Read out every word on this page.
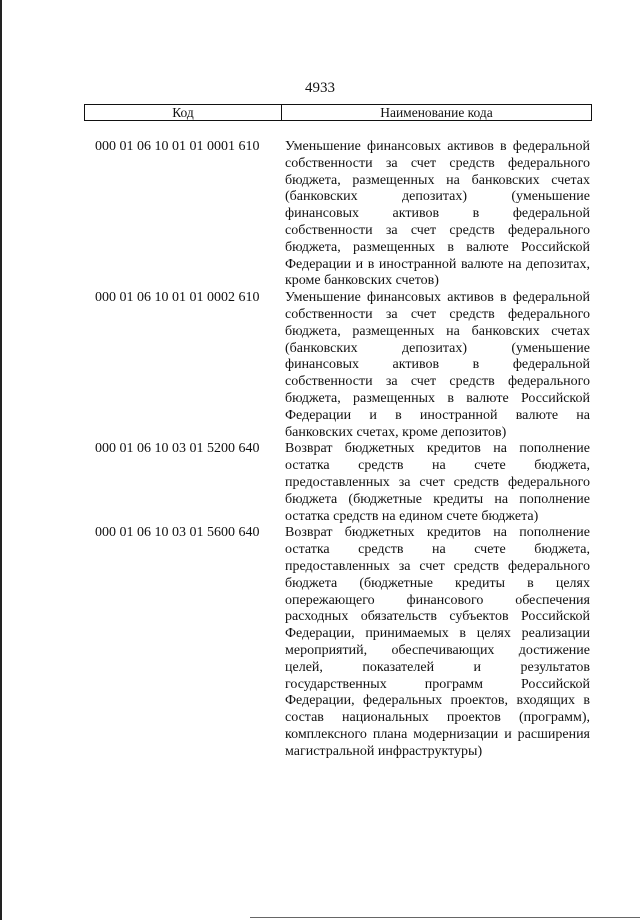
4933
Код	Наименование кода
000 01 06 10 01 01 0001 610	Уменьшение финансовых активов в федеральной
собственности за счет средств федерального
бюджета, размещенных на банковских счетах
(банковских депозитах) (уменьшение
финансовых активов в федеральной
собственности за счет средств федерального
бюджета, размещенных в валюте Российской
Федерации и в иностранной валюте на депозитах,
кроме банковских счетов)
000 01 06 10 01 01 0002 610	Уменьшение финансовых активов в федеральной
собственности за счет средств федерального
бюджета, размещенных на банковских счетах
(банковских депозитах) (уменьшение
финансовых активов в федеральной
собственности за счет средств федерального
бюджета, размещенных в валюте Российской
Федерации и в иностранной валюте на
банковских счетах, кроме депозитов)
000 01 06 10 03 01 5200 640	Возврат бюджетных кредитов на пополнение
остатка средств на счете бюджета,
предоставленных за счет средств федерального
бюджета (бюджетные кредиты на пополнение
остатка средств на едином счете бюджета)
000 01 06 10 03 01 5600 640	Возврат бюджетных кредитов на пополнение
остатка средств на счете бюджета,
предоставленных за счет средств федерального
бюджета (бюджетные кредиты в целях
опережающего финансового обеспечения
расходных обязательств субъектов Российской
Федерации, принимаемых в целях реализации
мероприятий, обеспечивающих достижение
целей, показателей и результатов
государственных программ Российской
Федерации, федеральных проектов, входящих в
состав национальных проектов (программ),
комплексного плана модернизации и расширения
магистральной инфраструктуры)
